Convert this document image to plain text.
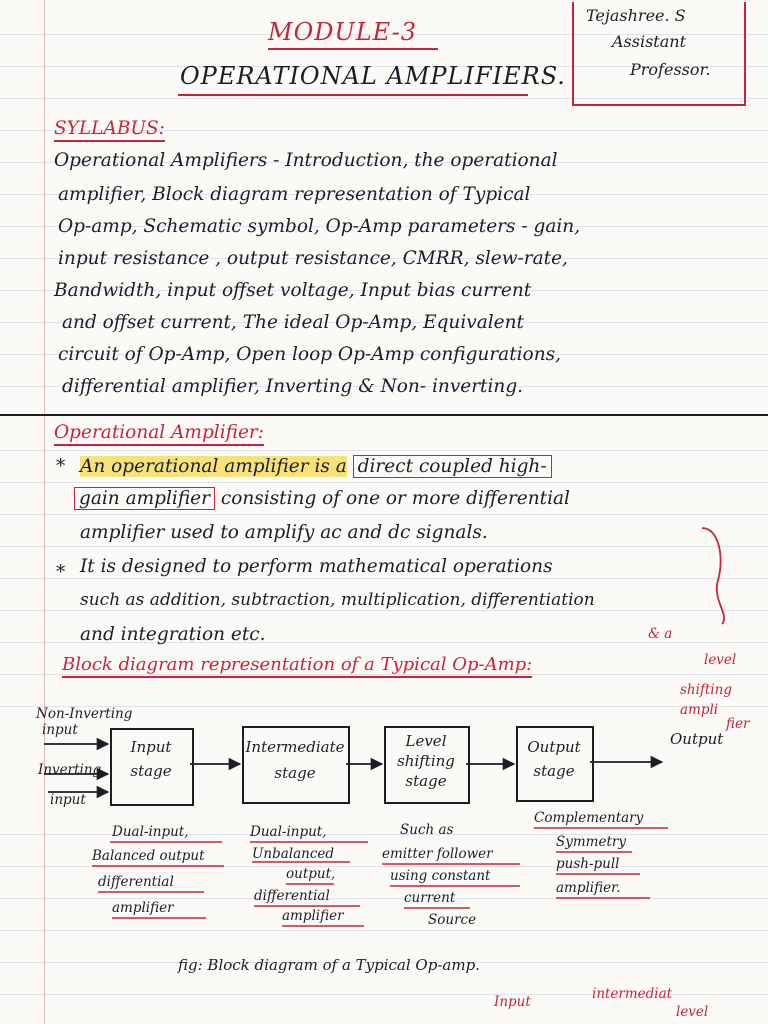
MODULE-3
OPERATIONAL AMPLIFIERS.
Tejashree. S
Assistant
Professor.
SYLLABUS:
Operational Amplifiers - Introduction, the operational
amplifier, Block diagram representation of Typical
Op-amp, Schematic symbol, Op-Amp parameters - gain,
input resistance , output resistance, CMRR, slew-rate,
Bandwidth, input offset voltage, Input bias current
and offset current, The ideal Op-Amp, Equivalent
circuit of Op-Amp, Open loop Op-Amp configurations,
differential amplifier, Inverting & Non- inverting.
Operational Amplifier:
* An operational amplifier is a direct coupled high-
gain amplifier consisting of one or more differential
amplifier used to amplify ac and dc signals.
* It is designed to perform mathematical operations
such as addition, subtraction, multiplication, differentiation
and integration etc.	& a
level
shifting
ampli
fier
Block diagram representation of a Typical Op-Amp:
Non-Inverting
input
Inverting
input
Input
stage
Intermediate
stage
Level
shifting
stage
Output
stage
Output
Dual-input,
Balanced output
differential
amplifier
Dual-input,
Unbalanced
output,
differential
amplifier
Such as
emitter follower
using constant
current
Source
Complementary
Symmetry
push-pull
amplifier.
fig: Block diagram of a Typical Op-amp.
Input	intermediat
level
